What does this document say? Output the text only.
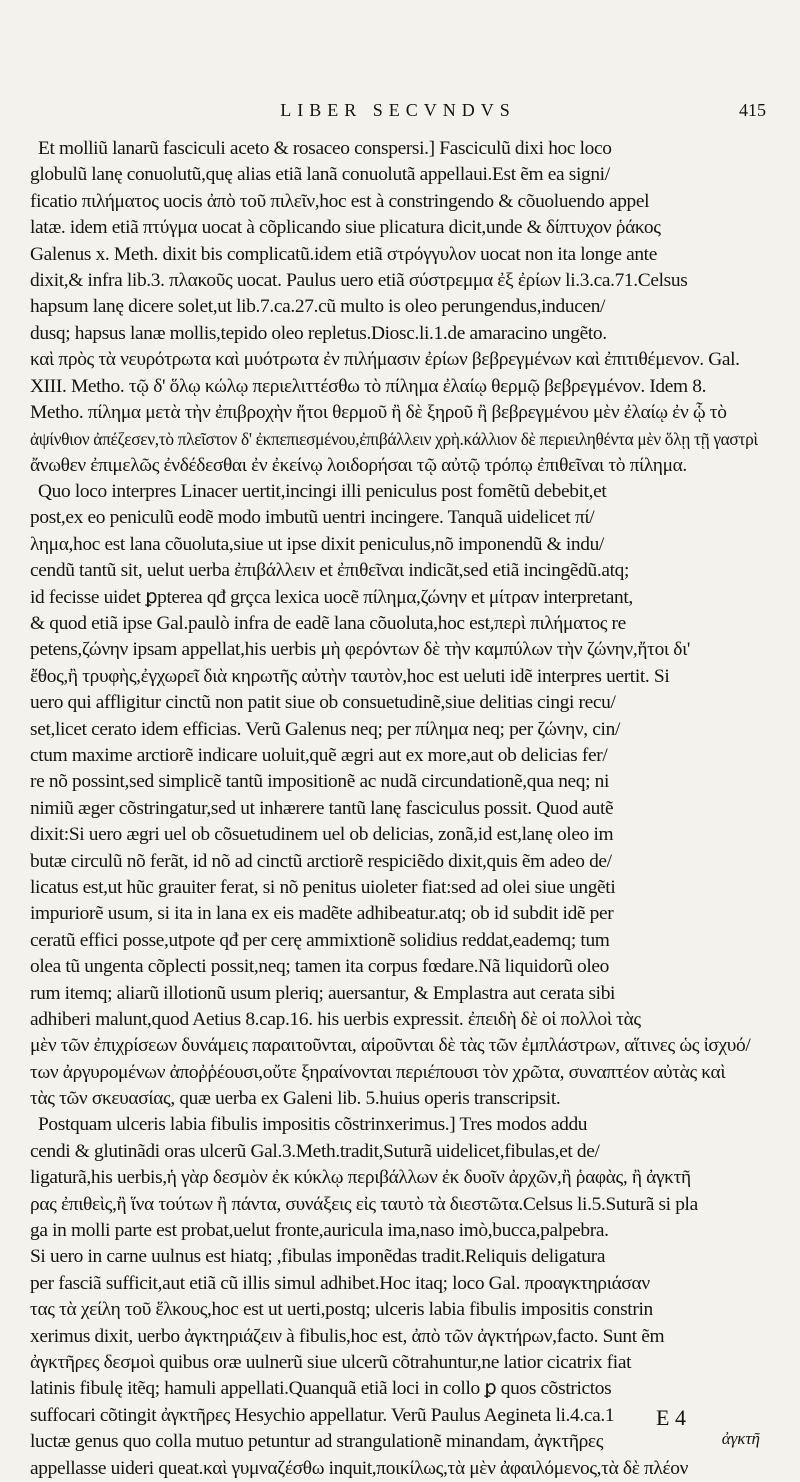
LIBER SECVNDVS	415
Et molliũ lanarũ fasciculi aceto & rosaceo conspersi.] Fasciculũ dixi hoc loco
globulũ lanę conuolutũ,quę alias etiã lanã conuolutã appellaui.Est ẽm ea signi/
ficatio πιλήματος uocis ἀπὸ τοῦ πιλεῖν,hoc est à constringendo & cõuoluendo appel
latæ. idem etiã πτύγμα uocat à cõplicando siue plicatura dicit,unde & δίπτυχον ῥάκος
Galenus x. Meth. dixit bis complicatũ.idem etiã στρόγγυλον uocat non ita longe ante
dixit,& infra lib.3. πλακοῦς uocat. Paulus uero etiã σύστρεμμα ἐξ ἐρίων li.3.ca.71.Celsus
hapsum lanę dicere solet,ut lib.7.ca.27.cũ multo is oleo perungendus,inducen/
dusq; hapsus lanæ mollis,tepido oleo repletus.Diosc.li.1.de amaracino ungẽto.
καὶ πρὸς τὰ νευρότρωτα καὶ μυότρωτα ἐν πιλήμασιν ἐρίων βεβρεγμένων καὶ ἐπιτιθέμενον. Gal.
XIII. Metho. τῷ δ' ὅλῳ κώλῳ περιελιττέσθω τὸ πίλημα ἐλαίῳ θερμῷ βεβρεγμένον. Idem 8.
Metho. πίλημα μετὰ τὴν ἐπιβροχὴν ἤτοι θερμοῦ ἢ δὲ ξηροῦ ἢ βεβρεγμένου μὲν ἐλαίῳ ἐν ᾧ τὸ
ἀψίνθιον ἀπέζεσεν,τὸ πλεῖστον δ' ἐκπεπιεσμένου,ἐπιβάλλειν χρὴ.κάλλιον δὲ περιειληθέντα μὲν ὅλῃ τῇ γαστρὶ
ἄνωθεν ἐπιμελῶς ἐνδέδεσθαι ἐν ἐκείνῳ λοιδορήσαι τῷ αὐτῷ τρόπῳ ἐπιθεῖναι τὸ πίλημα.
Quo loco interpres Linacer uertit,incingi illi peniculus post fomẽtũ debebit,et
post,ex eo peniculũ eodẽ modo imbutũ uentri incingere. Tanquã uidelicet πί/
λημα,hoc est lana cõuoluta,siue ut ipse dixit peniculus,nõ imponendũ & indu/
cendũ tantũ sit, uelut uerba ἐπιβάλλειν et ἐπιθεῖναι indicãt,sed etiã incingẽdũ.atq;
id fecisse uidet ꝑpterea qđ grçca lexica uocẽ πίλημα,ζώνην et μίτραν interpretant,
& quod etiã ipse Gal.paulò infra de eadẽ lana cõuoluta,hoc est,περὶ πιλήματος re
petens,ζώνην ipsam appellat,his uerbis μὴ φερόντων δὲ τὴν καμπύλων τὴν ζώνην,ἤτοι δι'
ἔθος,ἢ τρυφὴς,ἐγχωρεῖ διὰ κηρωτῆς αὐτὴν ταυτὸν,hoc est ueluti idẽ interpres uertit. Si
uero qui affligitur cinctũ non patit siue ob consuetudinẽ,siue delitias cingi recu/
set,licet cerato idem efficias. Verũ Galenus neq; per πίλημα neq; per ζώνην, cin/
ctum maxime arctiorẽ indicare uoluit,quẽ ægri aut ex more,aut ob delicias fer/
re nõ possint,sed simplicẽ tantũ impositionẽ ac nudã circundationẽ,qua neq; ni
nimiũ æger cõstringatur,sed ut inhærere tantũ lanę fasciculus possit. Quod autẽ
dixit:Si uero ægri uel ob cõsuetudinem uel ob delicias, zonã,id est,lanę oleo im
butæ circulũ nõ ferãt, id nõ ad cinctũ arctiorẽ respiciẽdo dixit,quis ẽm adeo de/
licatus est,ut hũc grauiter ferat, si nõ penitus uioleter fiat:sed ad olei siue ungẽti
impuriorẽ usum, si ita in lana ex eis madẽte adhibeatur.atq; ob id subdit idẽ per
ceratũ effici posse,utpote qđ per cerę ammixtionẽ solidius reddat,eademq; tum
olea tũ ungenta cõplecti possit,neq; tamen ita corpus fœdare.Nã liquidorũ oleo
rum itemq; aliarũ illotionũ usum pleriq; auersantur, & Emplastra aut cerata sibi
adhiberi malunt,quod Aetius 8.cap.16. his uerbis expressit. ἐπειδὴ δὲ οἱ πολλοὶ τὰς
μὲν τῶν ἐπιχρίσεων δυνάμεις παραιτοῦνται, αἱροῦνται δὲ τὰς τῶν ἐμπλάστρων, αἵτινες ὡς ἰσχυό/
των ἀργυρομένων ἀποῤῥέουσι,οὔτε ξηραίνονται περιέπουσι τὸν χρῶτα, συναπτέον αὐτὰς καὶ
τὰς τῶν σκευασίας, quæ uerba ex Galeni lib. 5.huius operis transcripsit.
Postquam ulceris labia fibulis impositis cõstrinxerimus.] Tres modos addu
cendi & glutinãdi oras ulcerũ Gal.3.Meth.tradit,Suturã uidelicet,fibulas,et de/
ligaturã,his uerbis,ἡ γὰρ δεσμὸν ἐκ κύκλῳ περιβάλλων ἐκ δυοῖν ἀρχῶν,ἢ ῥαφὰς, ἢ ἀγκτῆ
ρας ἐπιθεὶς,ἢ ἵνα τούτων ἢ πάντα, συνάξεις εἰς ταυτὸ τὰ διεστῶτα.Celsus li.5.Suturã si pla
ga in molli parte est probat,uelut fronte,auricula ima,naso imò,bucca,palpebra.
Si uero in carne uulnus est hiatq; ,fibulas imponẽdas tradit.Reliquis deligatura
per fasciã sufficit,aut etiã cũ illis simul adhibet.Hoc itaq; loco Gal. προαγκτηριάσαν
τας τὰ χείλη τοῦ ἕλκους,hoc est ut uerti,postq; ulceris labia fibulis impositis constrin
xerimus dixit, uerbo ἀγκτηριάζειν à fibulis,hoc est, ἀπὸ τῶν ἀγκτήρων,facto. Sunt ẽm
ἀγκτῆρες δεσμοὶ quibus oræ uulnerũ siue ulcerũ cõtrahuntur,ne latior cicatrix fiat
latinis fibulę itẽq; hamuli appellati.Quanquã etiã loci in collo ꝑ quos cõstrictos
suffocari cõtingit ἀγκτῆρες Hesychio appellatur. Verũ Paulus Aegineta li.4.ca.1
luctæ genus quo colla mutuo petuntur ad strangulationẽ minandam, ἀγκτῆρες
appellasse uideri queat.καὶ γυμναζέσθω inquit,ποικίλως,τὰ μὲν ἀφαιλόμενος,τὰ δὲ πλέον
E 4
ἀγκτῆ
